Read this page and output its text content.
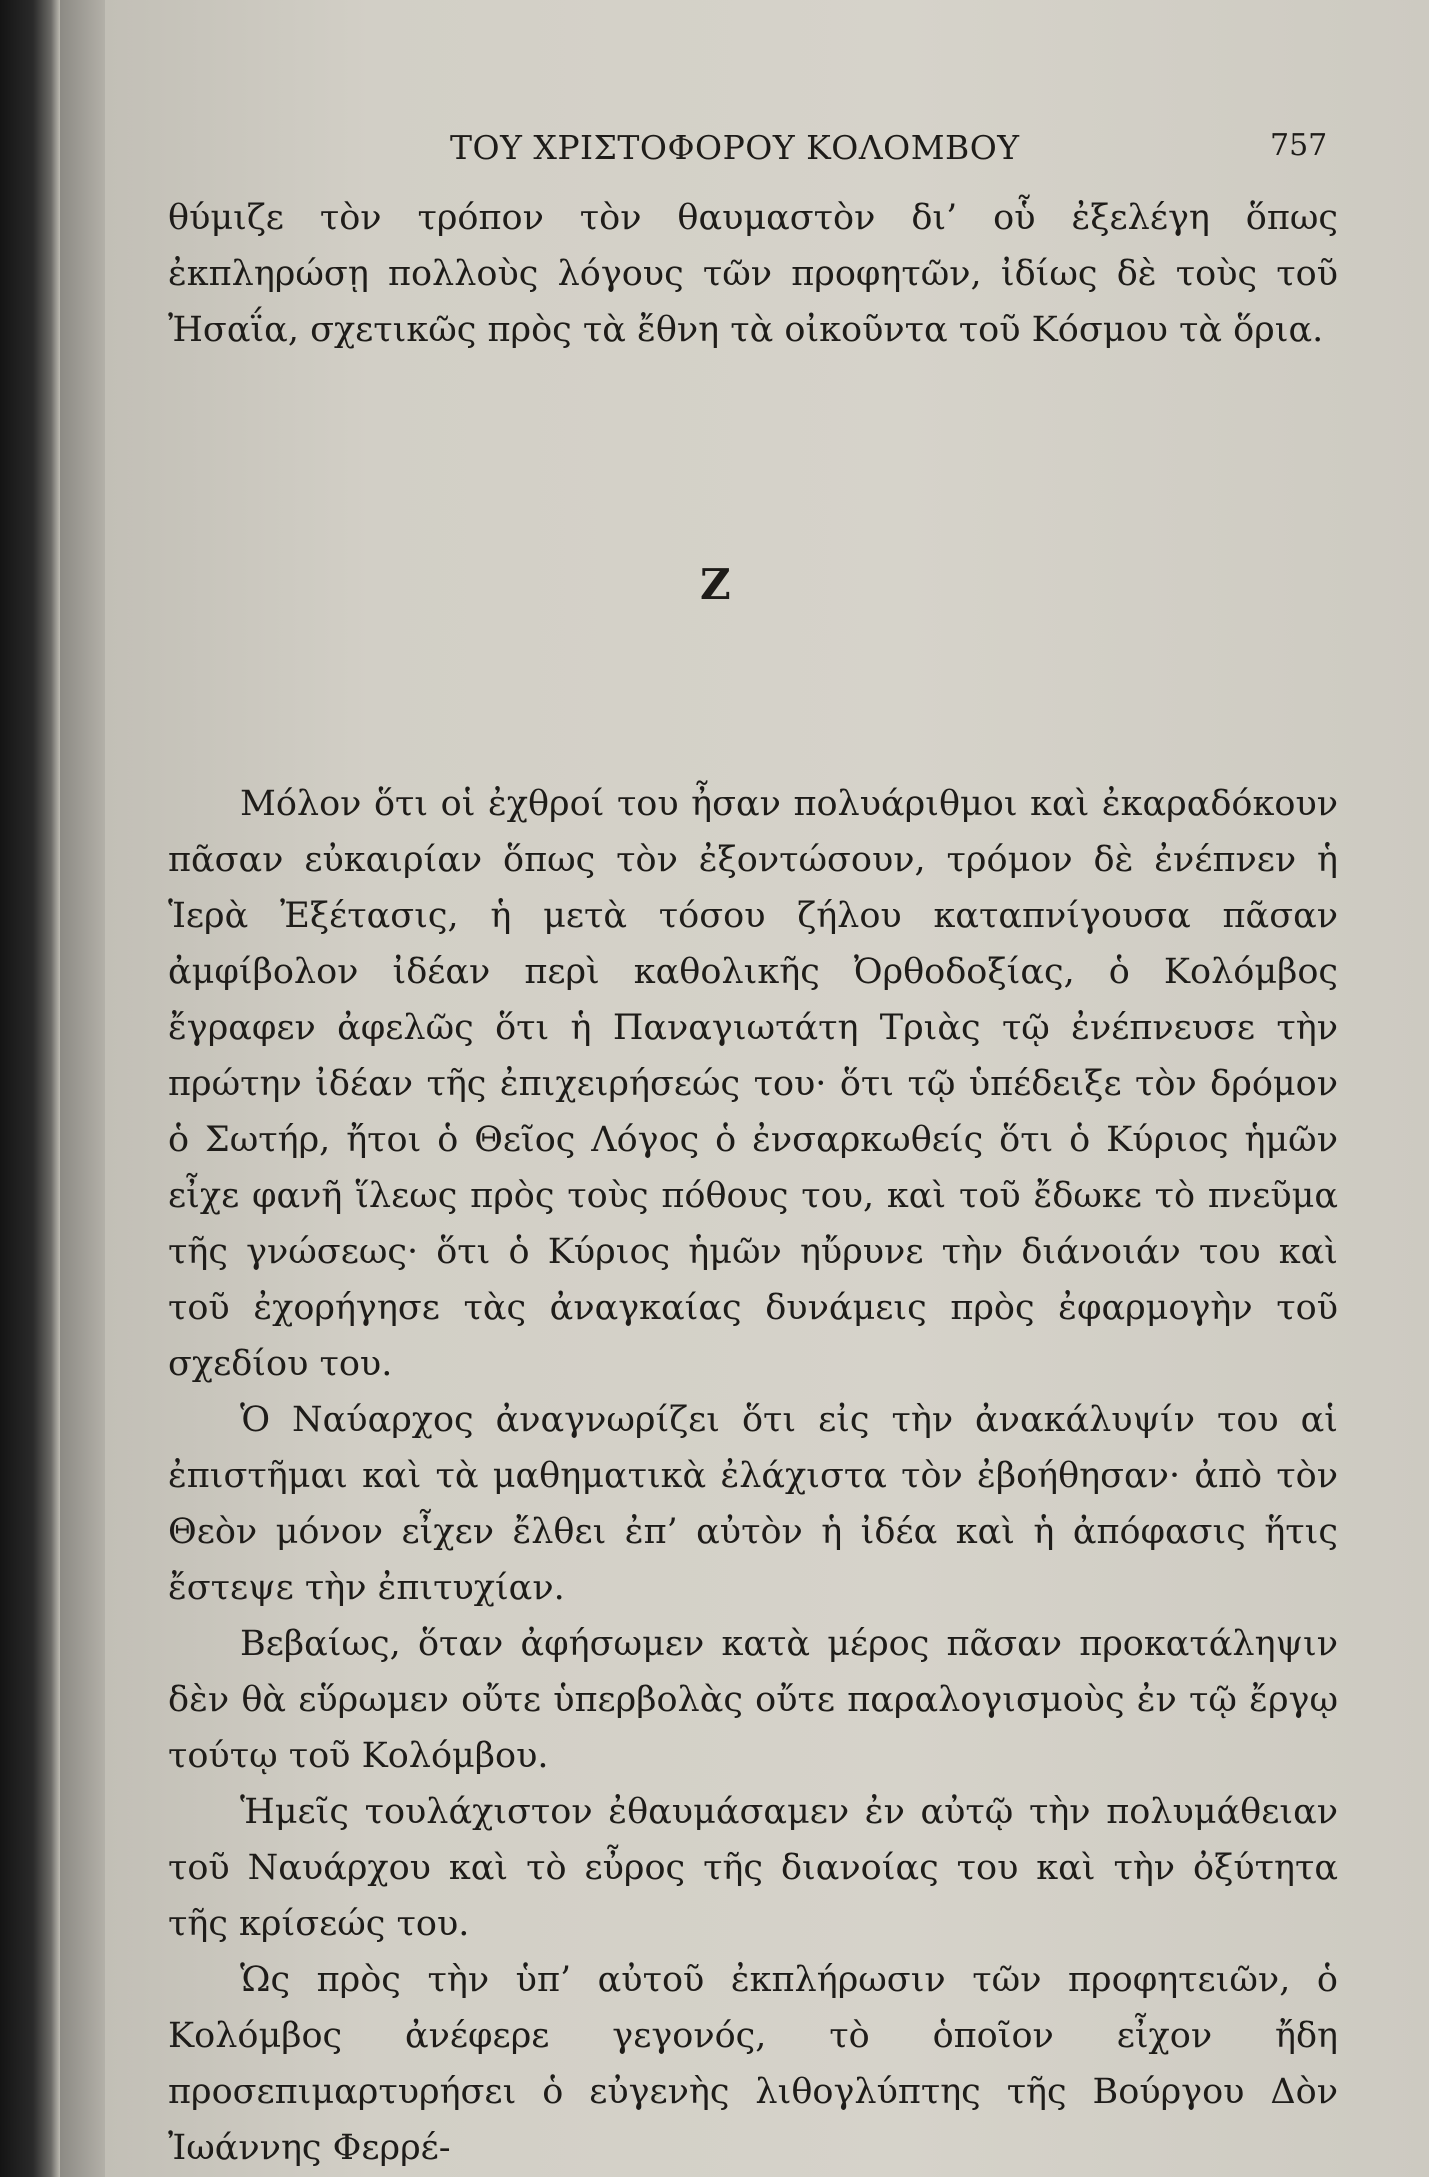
ΤΟΥ ΧΡΙΣΤΟΦΟΡΟΥ ΚΟΛΟΜΒΟΥ	757

θύμιζε τὸν τρόπον τὸν θαυμαστὸν δι’ οὗ ἐξελέγη ὅπως ἐκπληρώσῃ πολλοὺς λόγους τῶν προφητῶν, ἰδίως δὲ τοὺς τοῦ Ἠσαΐα, σχετικῶς πρὸς τὰ ἔθνη τὰ οἰκοῦντα τοῦ Κόσμου τὰ ὅρια.

Ζ

Μόλον ὅτι οἱ ἐχθροί του ἦσαν πολυάριθμοι καὶ ἐκαραδόκουν πᾶσαν εὐκαιρίαν ὅπως τὸν ἐξοντώσουν, τρόμον δὲ ἐνέπνεν ἡ Ἱερὰ Ἐξέτασις, ἡ μετὰ τόσου ζήλου καταπνίγουσα πᾶσαν ἀμφίβολον ἰδέαν περὶ καθολικῆς Ὀρθοδοξίας, ὁ Κολόμβος ἔγραφεν ἀφελῶς ὅτι ἡ Παναγιωτάτη Τριὰς τῷ ἐνέπνευσε τὴν πρώτην ἰδέαν τῆς ἐπιχειρήσεώς του· ὅτι τῷ ὑπέδειξε τὸν δρόμον ὁ Σωτήρ, ἤτοι ὁ Θεῖος Λόγος ὁ ἐνσαρκωθείς ὅτι ὁ Κύριος ἡμῶν εἶχε φανῆ ἵλεως πρὸς τοὺς πόθους του, καὶ τοῦ ἔδωκε τὸ πνεῦμα τῆς γνώσεως· ὅτι ὁ Κύριος ἡμῶν ηὔρυνε τὴν διάνοιάν του καὶ τοῦ ἐχορήγησε τὰς ἀναγκαίας δυνάμεις πρὸς ἐφαρμογὴν τοῦ σχεδίου του.

Ὁ Ναύαρχος ἀναγνωρίζει ὅτι εἰς τὴν ἀνακάλυψίν του αἱ ἐπιστῆμαι καὶ τὰ μαθηματικὰ ἐλάχιστα τὸν ἐβοήθησαν· ἀπὸ τὸν Θεὸν μόνον εἶχεν ἔλθει ἐπ’ αὐτὸν ἡ ἰδέα καὶ ἡ ἀπόφασις ἥτις ἔστεψε τὴν ἐπιτυχίαν.

Βεβαίως, ὅταν ἀφήσωμεν κατὰ μέρος πᾶσαν προκατάληψιν δὲν θὰ εὕρωμεν οὔτε ὑπερβολὰς οὔτε παραλογισμοὺς ἐν τῷ ἔργῳ τούτῳ τοῦ Κολόμβου.

Ἡμεῖς τουλάχιστον ἐθαυμάσαμεν ἐν αὐτῷ τὴν πολυμάθειαν τοῦ Ναυάρχου καὶ τὸ εὖρος τῆς διανοίας του καὶ τὴν ὀξύτητα τῆς κρίσεώς του.

Ὡς πρὸς τὴν ὑπ’ αὐτοῦ ἐκπλήρωσιν τῶν προφητειῶν, ὁ Κολόμβος ἀνέφερε γεγονός, τὸ ὁποῖον εἶχον ἤδη προσεπιμαρτυρήσει ὁ εὐγενὴς λιθογλύπτης τῆς Βούργου Δὸν Ἰωάννης Φερρέ-
